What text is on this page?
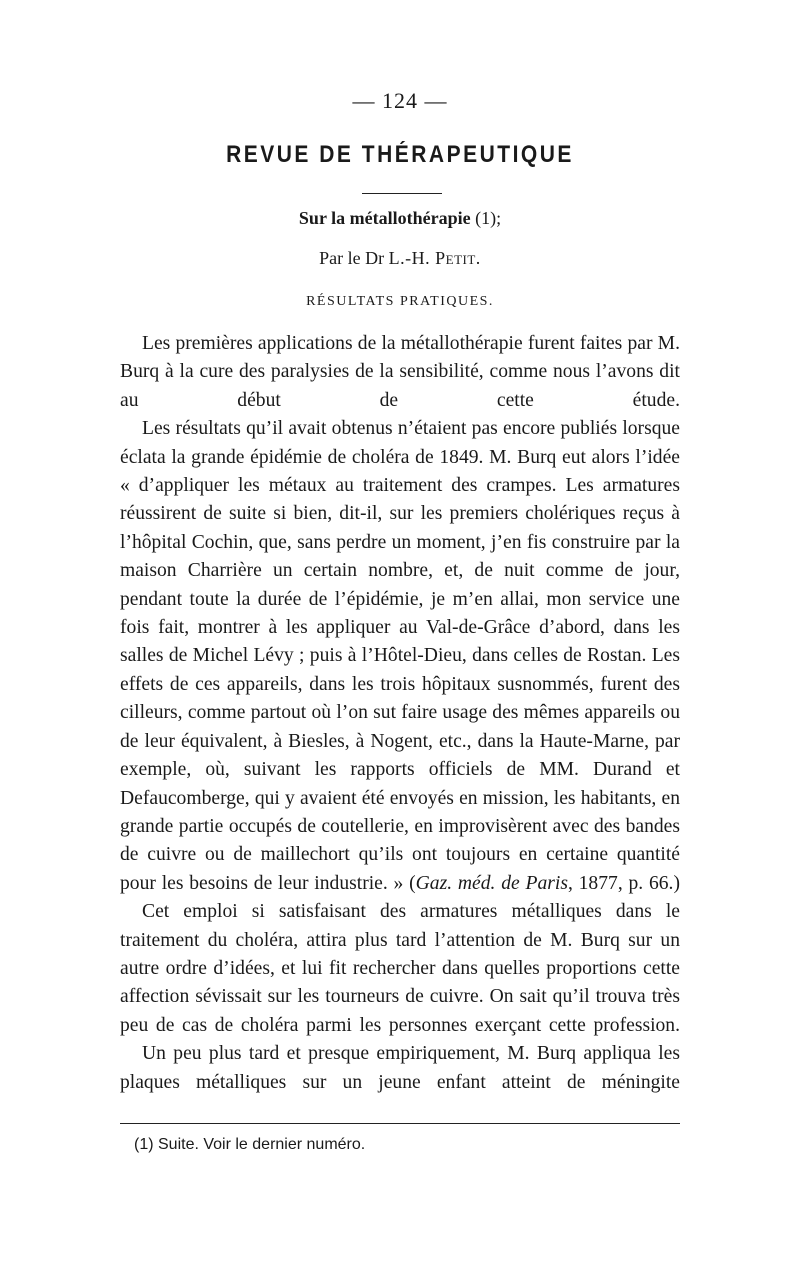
— 124 —
REVUE DE THÉRAPEUTIQUE
Sur la métallothérapie (1);
Par le Dr L.-H. Petit.
RÉSULTATS PRATIQUES.

Les premières applications de la métallothérapie furent faites par M. Burq à la cure des paralysies de la sensibilité, comme nous l’avons dit au début de cette étude.

Les résultats qu’il avait obtenus n’étaient pas encore publiés lorsque éclata la grande épidémie de choléra de 1849. M. Burq eut alors l’idée « d’appliquer les métaux au traitement des crampes. Les armatures réussirent de suite si bien, dit-il, sur les premiers cholériques reçus à l’hôpital Cochin, que, sans perdre un moment, j’en fis construire par la maison Charrière un certain nombre, et, de nuit comme de jour, pendant toute la durée de l’épidémie, je m’en allai, mon service une fois fait, montrer à les appliquer au Val-de-Grâce d’abord, dans les salles de Michel Lévy ; puis à l’Hôtel-Dieu, dans celles de Rostan. Les effets de ces appareils, dans les trois hôpitaux susnommés, furent des cilleurs, comme partout où l’on sut faire usage des mêmes appareils ou de leur équivalent, à Biesles, à Nogent, etc., dans la Haute-Marne, par exemple, où, suivant les rapports officiels de MM. Durand et Defaucomberge, qui y avaient été envoyés en mission, les habitants, en grande partie occupés de coutellerie, en improvisèrent avec des bandes de cuivre ou de maillechort qu’ils ont toujours en certaine quantité pour les besoins de leur industrie. » (Gaz. méd. de Paris, 1877, p. 66.)

Cet emploi si satisfaisant des armatures métalliques dans le traitement du choléra, attira plus tard l’attention de M. Burq sur un autre ordre d’idées, et lui fit rechercher dans quelles proportions cette affection sévissait sur les tourneurs de cuivre. On sait qu’il trouva très peu de cas de choléra parmi les personnes exerçant cette profession.

Un peu plus tard et presque empiriquement, M. Burq appliqua les plaques métalliques sur un jeune enfant atteint de méningite

(1) Suite. Voir le dernier numéro.
